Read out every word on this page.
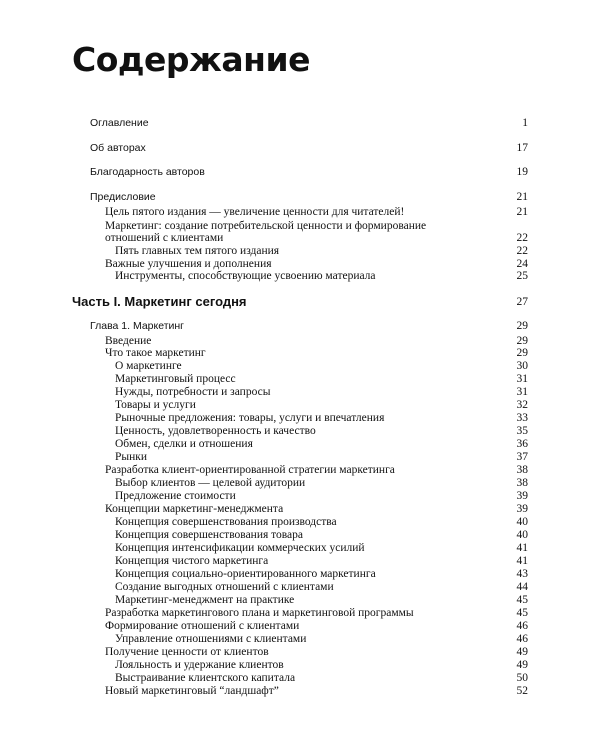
Содержание
Оглавление	1
Об авторах	17
Благодарность авторов	19
Предисловие	21
Цель пятого издания — увеличение ценности для читателей!	21
Маркетинг: создание потребительской ценности и формирование
отношений с клиентами	22
Пять главных тем пятого издания	22
Важные улучшения и дополнения	24
Инструменты, способствующие усвоению материала	25
Часть I. Маркетинг сегодня	27
Глава 1. Маркетинг	29
Введение	29
Что такое маркетинг	29
О маркетинге	30
Маркетинговый процесс	31
Нужды, потребности и запросы	31
Товары и услуги	32
Рыночные предложения: товары, услуги и впечатления	33
Ценность, удовлетворенность и качество	35
Обмен, сделки и отношения	36
Рынки	37
Разработка клиент-ориентированной стратегии маркетинга	38
Выбор клиентов — целевой аудитории	38
Предложение стоимости	39
Концепции маркетинг-менеджмента	39
Концепция совершенствования производства	40
Концепция совершенствования товара	40
Концепция интенсификации коммерческих усилий	41
Концепция чистого маркетинга	41
Концепция социально-ориентированного маркетинга	43
Создание выгодных отношений с клиентами	44
Маркетинг-менеджмент на практике	45
Разработка маркетингового плана и маркетинговой программы	45
Формирование отношений с клиентами	46
Управление отношениями с клиентами	46
Получение ценности от клиентов	49
Лояльность и удержание клиентов	49
Выстраивание клиентского капитала	50
Новый маркетинговый “ландшафт”	52
